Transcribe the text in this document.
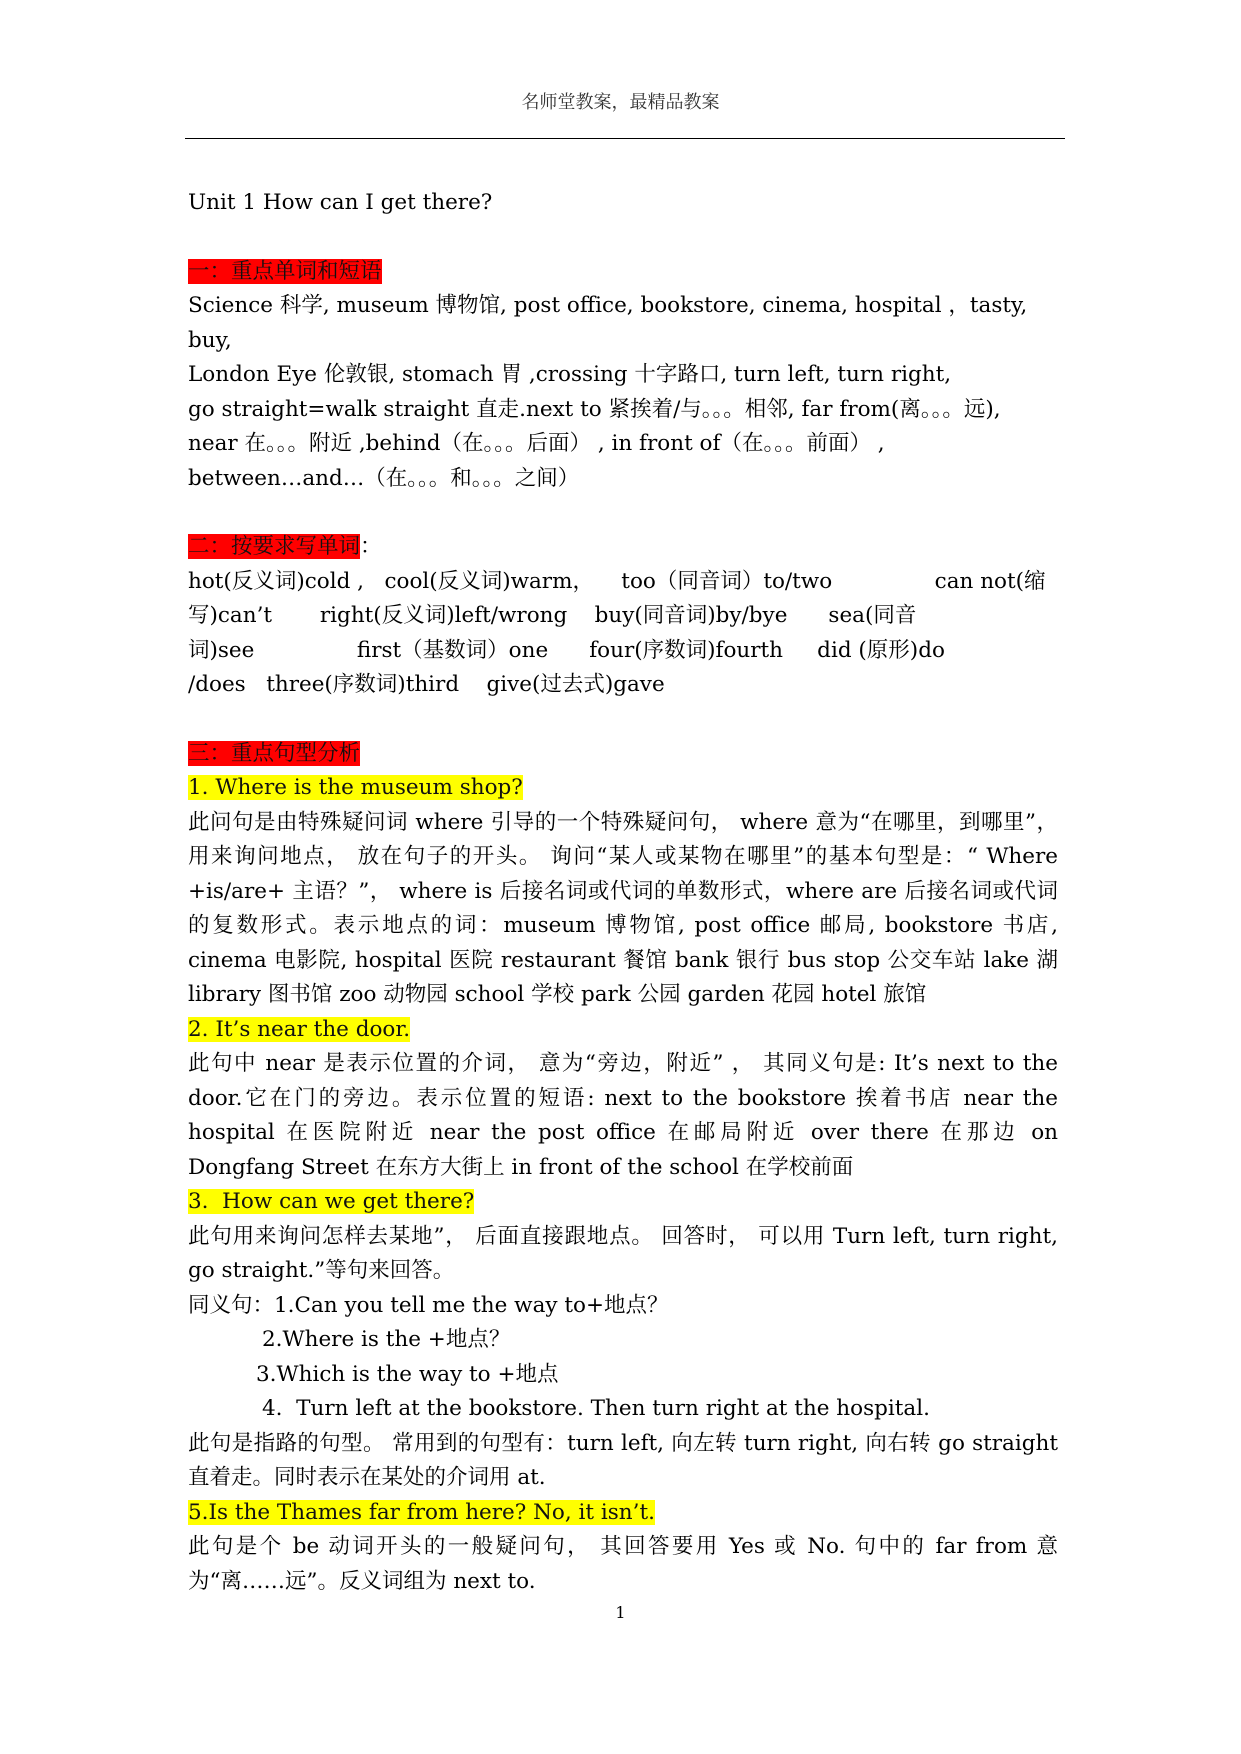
名师堂教案，最精品教案

Unit 1 How can I get there?

一：重点单词和短语

Science 科学, museum 博物馆, post office, bookstore, cinema, hospital ，tasty, buy,

London Eye 伦敦银, stomach 胃 ,crossing 十字路口, turn left, turn right,

go straight=walk straight 直走.next to 紧挨着/与。。。相邻, far from(离。。。远),

near 在。。。附近 ,behind（在。。。后面） , in front of（在。。。前面） ,

between…and…（在。。。和。。。之间）

二：按要求写单词：

hot(反义词)cold ,   cool(反义词)warm，    too（同音词）to/two               can not(缩

写)can’t       right(反义词)left/wrong    buy(同音词)by/bye      sea(同音

词)see               first（基数词）one      four(序数词)fourth     did (原形)do

/does   three(序数词)third    give(过去式)gave

三：重点句型分析

1. Where is the museum shop?

此问句是由特殊疑问词 where 引导的一个特殊疑问句， where 意为“在哪里，到哪里”， 用来询问地点， 放在句子的开头。 询问“某人或某物在哪里”的基本句型是：“ Where +is/are+ 主语？”， where is 后接名词或代词的单数形式，where are 后接名词或代词的复数形式。表示地点的词：museum 博物馆, post office 邮局, bookstore 书店, cinema 电影院, hospital 医院 restaurant 餐馆 bank 银行 bus stop 公交车站 lake 湖 library 图书馆 zoo 动物园 school 学校 park 公园 garden 花园 hotel 旅馆

2. It’s near the door.

此句中 near 是表示位置的介词， 意为“旁边，附近” ， 其同义句是: It’s next to the door.它在门的旁边。表示位置的短语: next to the bookstore 挨着书店 near the hospital 在医院附近 near the post office 在邮局附近 over there 在那边 on Dongfang Street 在东方大街上 in front of the school 在学校前面

3.  How can we get there?

此句用来询问怎样去某地”， 后面直接跟地点。 回答时， 可以用 Turn left, turn right, go straight.”等句来回答。

同义句：1.Can you tell me the way to+地点？

2.Where is the +地点？

3.Which is the way to +地点

4.  Turn left at the bookstore. Then turn right at the hospital.

此句是指路的句型。 常用到的句型有：turn left, 向左转 turn right, 向右转 go straight 直着走。同时表示在某处的介词用 at.

5.Is the Thames far from here? No, it isn’t.

此句是个 be 动词开头的一般疑问句， 其回答要用 Yes 或 No. 句中的 far from 意为“离……远”。反义词组为 next to.

1
